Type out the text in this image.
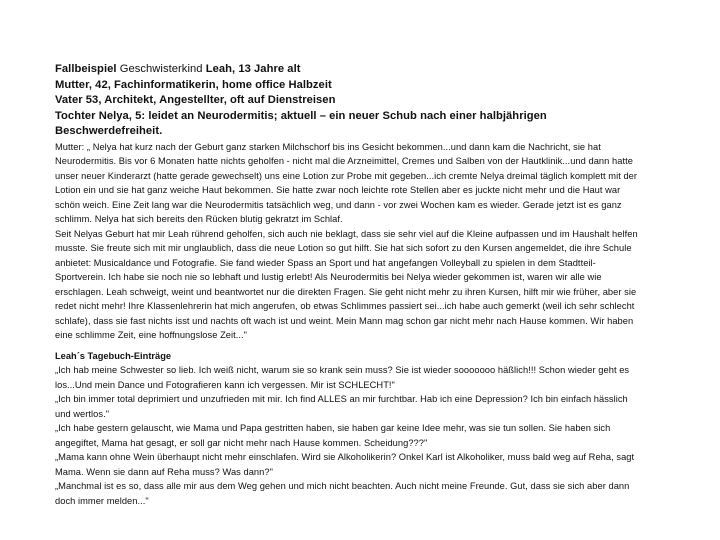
Fallbeispiel Geschwisterkind Leah, 13 Jahre alt
Mutter, 42, Fachinformatikerin, home office Halbzeit
Vater 53, Architekt, Angestellter, oft auf Dienstreisen
Tochter Nelya, 5: leidet an Neurodermitis; aktuell – ein neuer Schub nach einer halbjährigen Beschwerdefreiheit.

Mutter: „ Nelya hat kurz nach der Geburt ganz starken Milchschorf bis ins Gesicht bekommen...und dann kam die Nachricht, sie hat Neurodermitis. Bis vor 6 Monaten hatte nichts geholfen - nicht mal die Arzneimittel, Cremes und Salben von der Hautklinik...und dann hatte unser neuer Kinderarzt (hatte gerade gewechselt) uns eine Lotion zur Probe mit gegeben...ich cremte Nelya dreimal täglich komplett mit der Lotion ein und sie hat ganz weiche Haut bekommen. Sie hatte zwar noch leichte rote Stellen aber es juckte nicht mehr und die Haut war schön weich. Eine Zeit lang war die Neurodermitis tatsächlich weg, und dann - vor zwei Wochen kam es wieder. Gerade jetzt ist es ganz schlimm. Nelya hat sich bereits den Rücken blutig gekratzt im Schlaf.

Seit Nelyas Geburt hat mir Leah rührend geholfen, sich auch nie beklagt, dass sie sehr viel auf die Kleine aufpassen und im Haushalt helfen musste. Sie freute sich mit mir unglaublich, dass die neue Lotion so gut hilft. Sie hat sich sofort zu den Kursen angemeldet, die ihre Schule anbietet: Musicaldance und Fotografie. Sie fand wieder Spass an Sport und hat angefangen Volleyball zu spielen in dem Stadtteil-Sportverein. Ich habe sie noch nie so lebhaft und lustig erlebt! Als Neurodermitis bei Nelya wieder gekommen ist, waren wir alle wie erschlagen. Leah schweigt, weint und beantwortet nur die direkten Fragen. Sie geht nicht mehr zu ihren Kursen, hilft mir wie früher, aber sie redet nicht mehr! Ihre Klassenlehrerin hat mich angerufen, ob etwas Schlimmes passiert sei...ich habe auch gemerkt (weil ich sehr schlecht schlafe), dass sie fast nichts isst und nachts oft wach ist und weint. Mein Mann mag schon gar nicht mehr nach Hause kommen. Wir haben eine schlimme Zeit, eine hoffnungslose Zeit..."

Leah´s Tagebuch-Einträge

„Ich hab meine Schwester so lieb. Ich weiß nicht, warum sie so krank sein muss? Sie ist wieder sooooooo häßlich!!! Schon wieder geht es los...Und mein Dance und Fotografieren kann ich vergessen. Mir ist SCHLECHT!"

„Ich bin immer total deprimiert und unzufrieden mit mir. Ich find ALLES an mir furchtbar. Hab ich eine Depression? Ich bin einfach hässlich und wertlos."

„Ich habe gestern gelauscht, wie Mama und Papa gestritten haben, sie haben gar keine Idee mehr, was sie tun sollen. Sie haben sich angegiftet, Mama hat gesagt, er soll gar nicht mehr nach Hause kommen. Scheidung???"

„Mama kann ohne Wein überhaupt nicht mehr einschlafen. Wird sie Alkoholikerin? Onkel Karl ist Alkoholiker, muss bald weg auf Reha, sagt Mama. Wenn sie dann auf Reha muss? Was dann?"

„Manchmal ist es so, dass alle mir aus dem Weg gehen und mich nicht beachten. Auch nicht meine Freunde. Gut, dass sie sich aber dann doch immer melden..."
